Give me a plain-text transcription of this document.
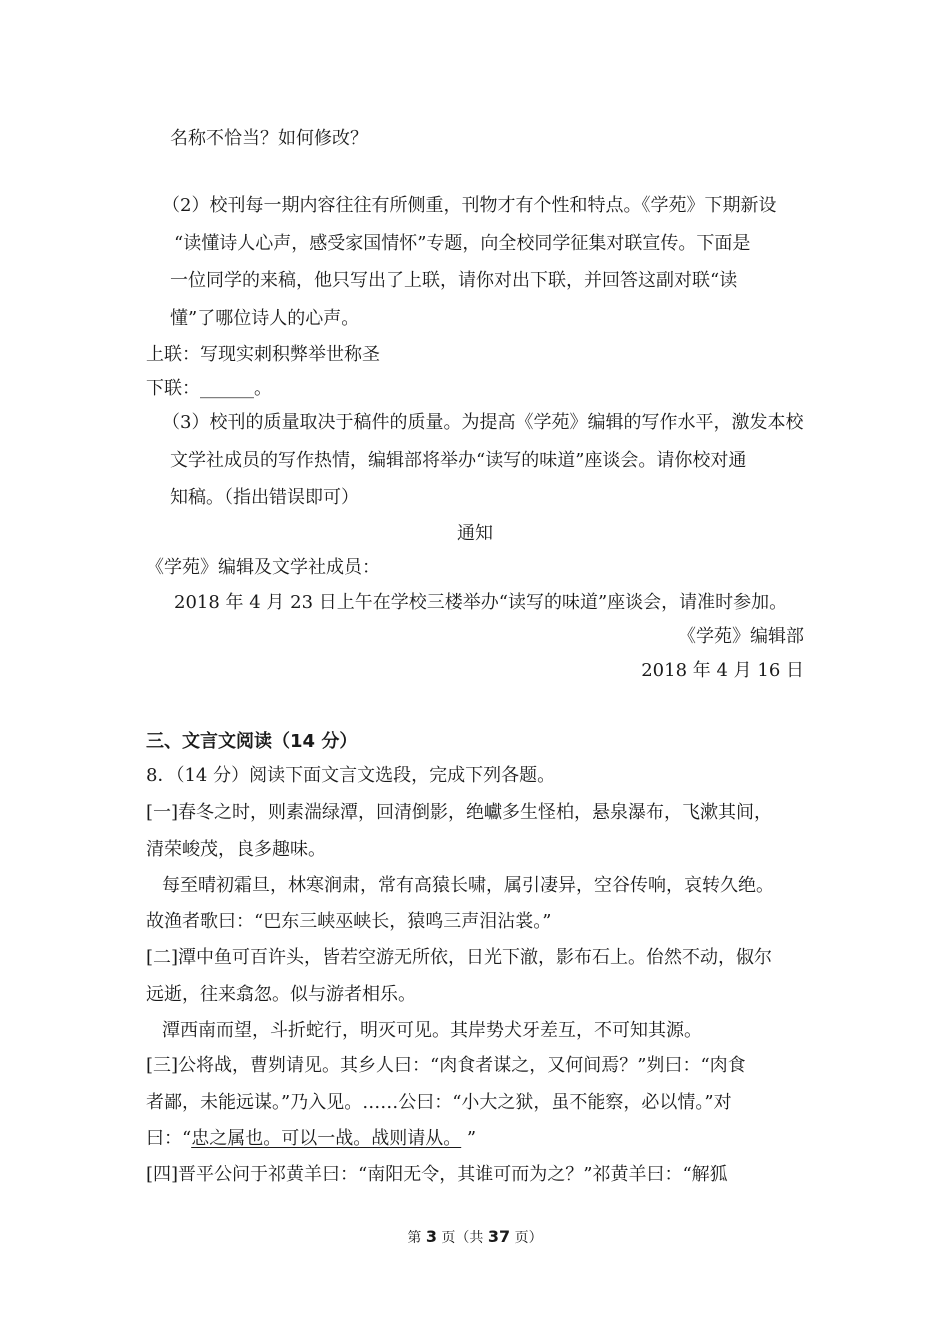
名称不恰当？如何修改？
（2）校刊每一期内容往往有所侧重，刊物才有个性和特点。《学苑》下期新设
“读懂诗人心声，感受家国情怀”专题，向全校同学征集对联宣传。下面是
一位同学的来稿，他只写出了上联，请你对出下联，并回答这副对联“读
懂”了哪位诗人的心声。
上联：写现实刺积弊举世称圣
下联：______。
（3）校刊的质量取决于稿件的质量。为提高《学苑》编辑的写作水平，激发本校
文学社成员的写作热情，编辑部将举办“读写的味道”座谈会。请你校对通
知稿。（指出错误即可）
通知
《学苑》编辑及文学社成员：
2018 年 4 月 23 日上午在学校三楼举办“读写的味道”座谈会，请准时参加。
《学苑》编辑部
2018 年 4 月 16 日
三、文言文阅读（14 分）
8．（14 分）阅读下面文言文选段，完成下列各题。
[一]春冬之时，则素湍绿潭，回清倒影，绝巘多生怪柏，悬泉瀑布，飞漱其间，
清荣峻茂，良多趣味。
每至晴初霜旦，林寒涧肃，常有高猿长啸，属引凄异，空谷传响，哀转久绝。
故渔者歌曰：“巴东三峡巫峡长，猿鸣三声泪沾裳。”
[二]潭中鱼可百许头，皆若空游无所依，日光下澈，影布石上。佁然不动，俶尔
远逝，往来翕忽。似与游者相乐。
潭西南而望，斗折蛇行，明灭可见。其岸势犬牙差互，不可知其源。
[三]公将战，曹刿请见。其乡人曰：“肉食者谋之，又何间焉？”刿曰：“肉食
者鄙，未能远谋。”乃入见。……公曰：“小大之狱，虽不能察，必以情。”对
曰：“忠之属也。可以一战。战则请从。 ”
[四]晋平公问于祁黄羊曰：“南阳无令，其谁可而为之？”祁黄羊曰：“解狐
第 3 页（共 37 页）
